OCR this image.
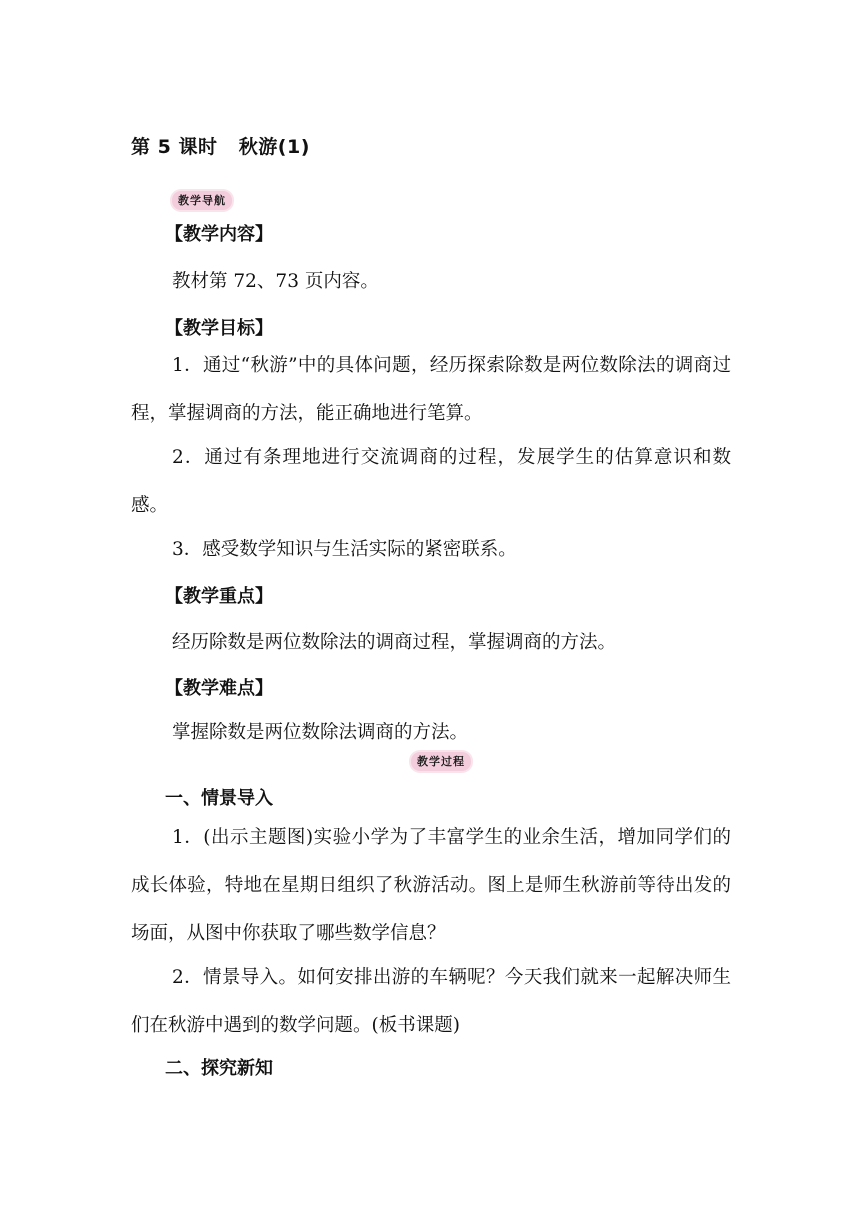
第 5 课时   秋游(1)
教学导航
【教学内容】
教材第 72、73 页内容。
【教学目标】

1．通过“秋游”中的具体问题，经历探索除数是两位数除法的调商过程，掌握调商的方法，能正确地进行笔算。

2．通过有条理地进行交流调商的过程，发展学生的估算意识和数感。

3．感受数学知识与生活实际的紧密联系。

【教学重点】
经历除数是两位数除法的调商过程，掌握调商的方法。
【教学难点】
掌握除数是两位数除法调商的方法。
教学过程
一、情景导入

1．(出示主题图)实验小学为了丰富学生的业余生活，增加同学们的成长体验，特地在星期日组织了秋游活动。图上是师生秋游前等待出发的场面，从图中你获取了哪些数学信息？

2．情景导入。如何安排出游的车辆呢？今天我们就来一起解决师生们在秋游中遇到的数学问题。(板书课题)

二、探究新知
